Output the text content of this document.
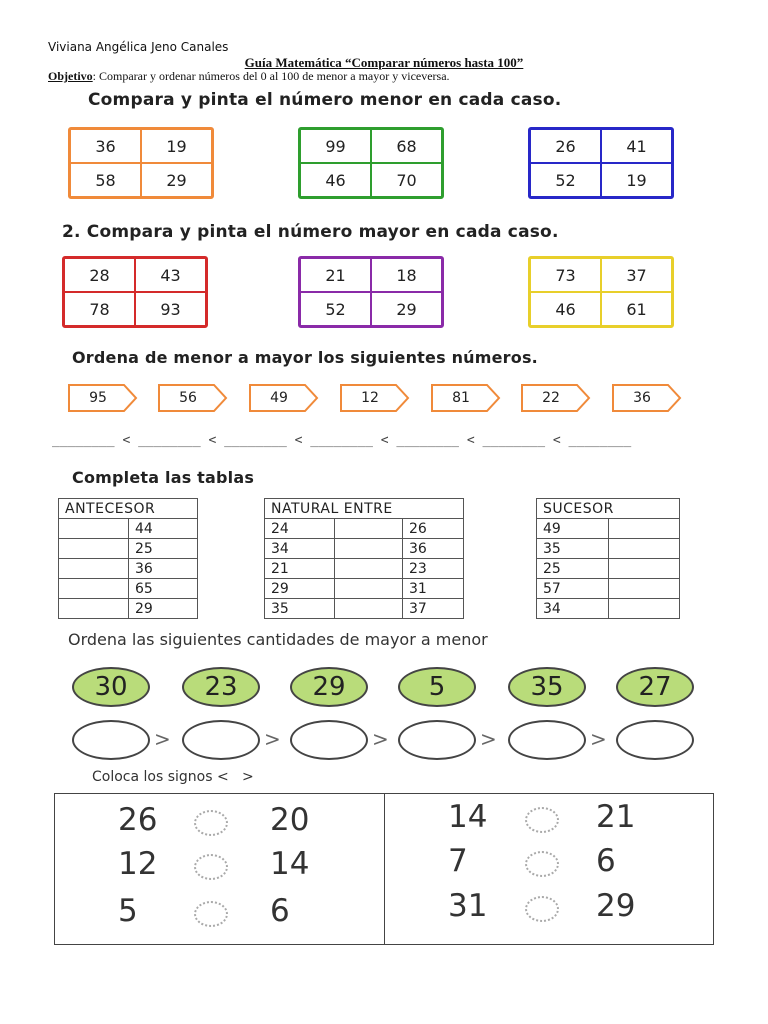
Viviana Angélica Jeno Canales
Guía Matemática “Comparar números hasta 100”
Objetivo: Comparar y ordenar números del 0 al 100 de menor a mayor y viceversa.
Compara y pinta el número menor en cada caso.
36	19
58	29
99	68
46	70
26	41
52	19
2. Compara y pinta el número mayor en cada caso.
28	43
78	93
21	18
52	29
73	37
46	61
Ordena de menor a mayor los siguientes números.
95	56	49	12	81	22	36
________ < ________ < ________ < ________ < ________ < ________ < ________
Completa las tablas
ANTECESOR	
	44
	25
	36
	65
	29
NATURAL ENTRE		
24		26
34		36
21		23
29		31
35		37
SUCESOR	
49	
35	
25	
57	
34	
Ordena las siguientes cantidades de mayor a menor
30
>
23
>
29
>
5
>
35
>
27
Coloca los signos <   >
26	20
12	14
5	6
14	21
7	6
31	29
